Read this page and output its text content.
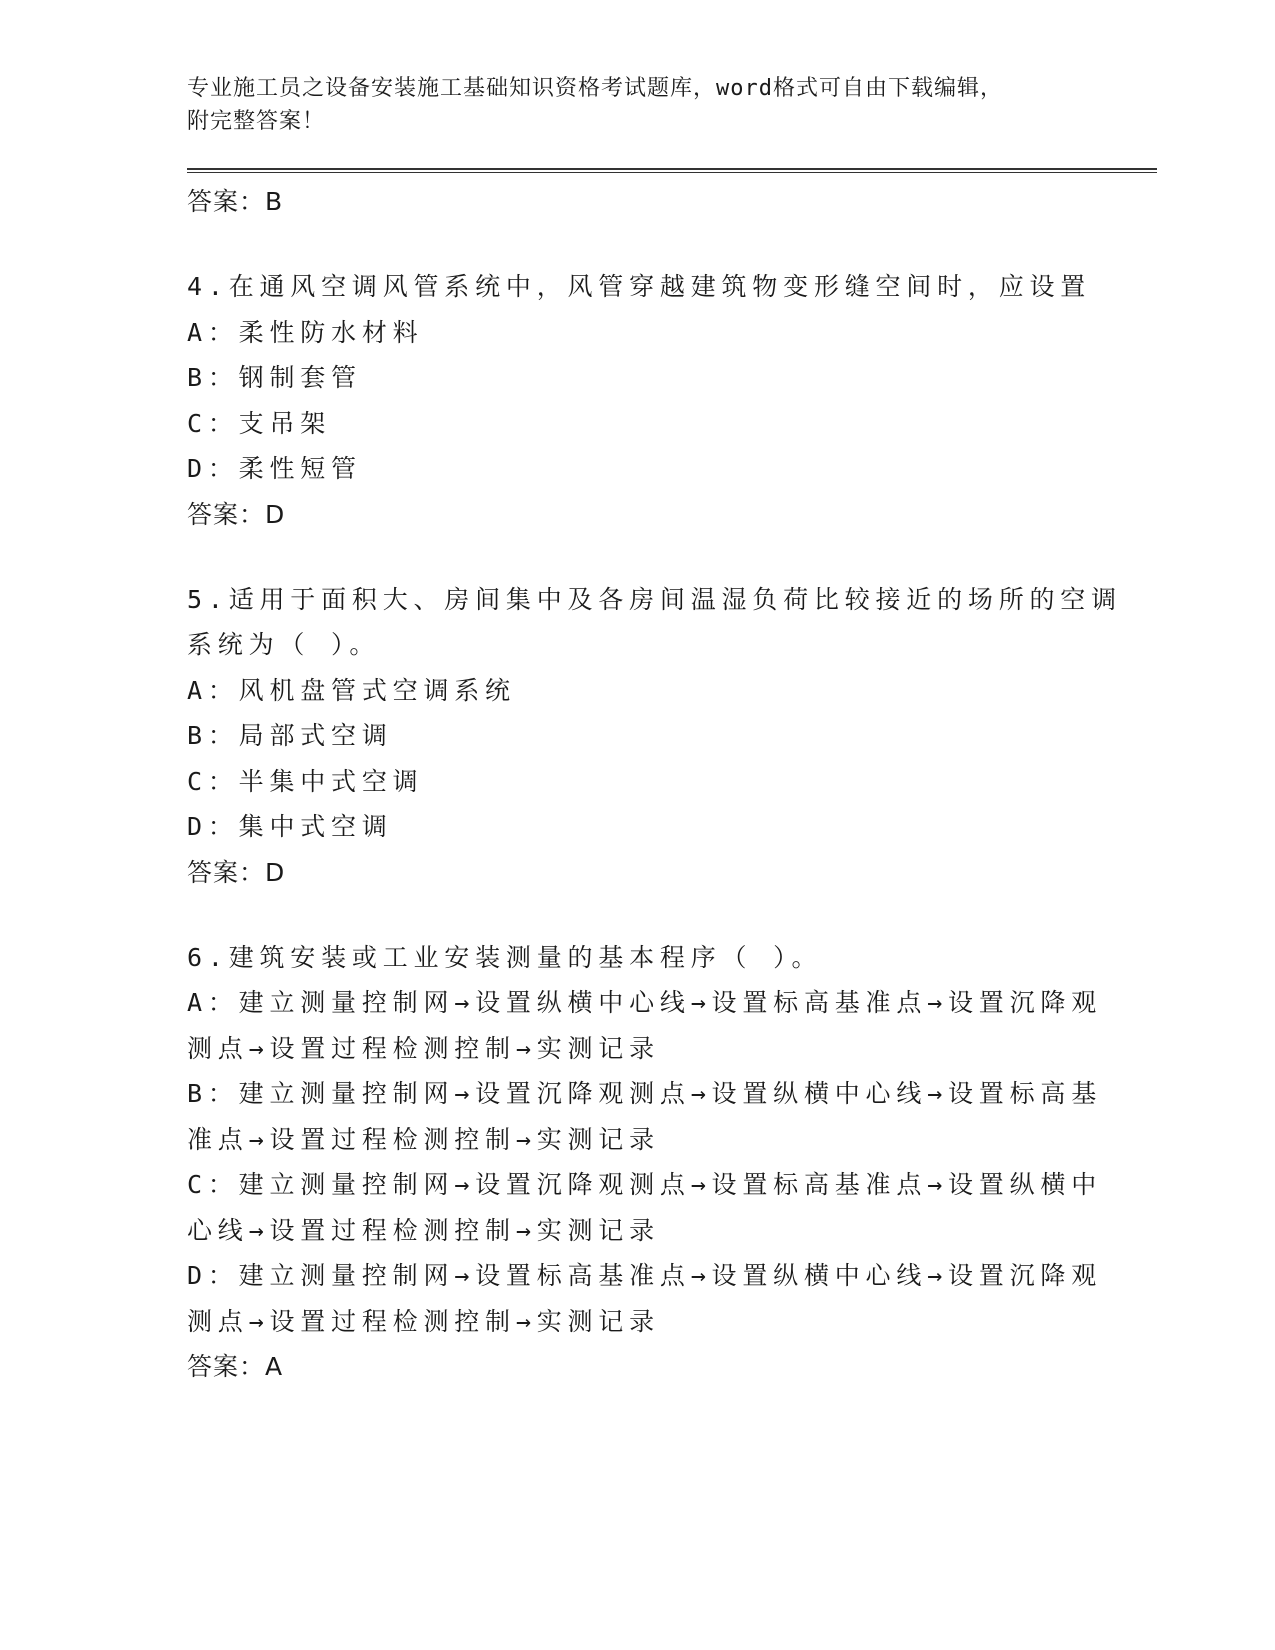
专业施工员之设备安装施工基础知识资格考试题库，word格式可自由下载编辑，
附完整答案！

答案：B

4.在通风空调风管系统中，风管穿越建筑物变形缝空间时，应设置

A：柔性防水材料

B：钢制套管

C：支吊架

D：柔性短管

答案：D

5.适用于面积大、房间集中及各房间温湿负荷比较接近的场所的空调

系统为（ ）。

A：风机盘管式空调系统

B：局部式空调

C：半集中式空调

D：集中式空调

答案：D

6.建筑安装或工业安装测量的基本程序（ ）。

A：建立测量控制网→设置纵横中心线→设置标高基准点→设置沉降观

测点→设置过程检测控制→实测记录

B：建立测量控制网→设置沉降观测点→设置纵横中心线→设置标高基

准点→设置过程检测控制→实测记录

C：建立测量控制网→设置沉降观测点→设置标高基准点→设置纵横中

心线→设置过程检测控制→实测记录

D：建立测量控制网→设置标高基准点→设置纵横中心线→设置沉降观

测点→设置过程检测控制→实测记录

答案：A
